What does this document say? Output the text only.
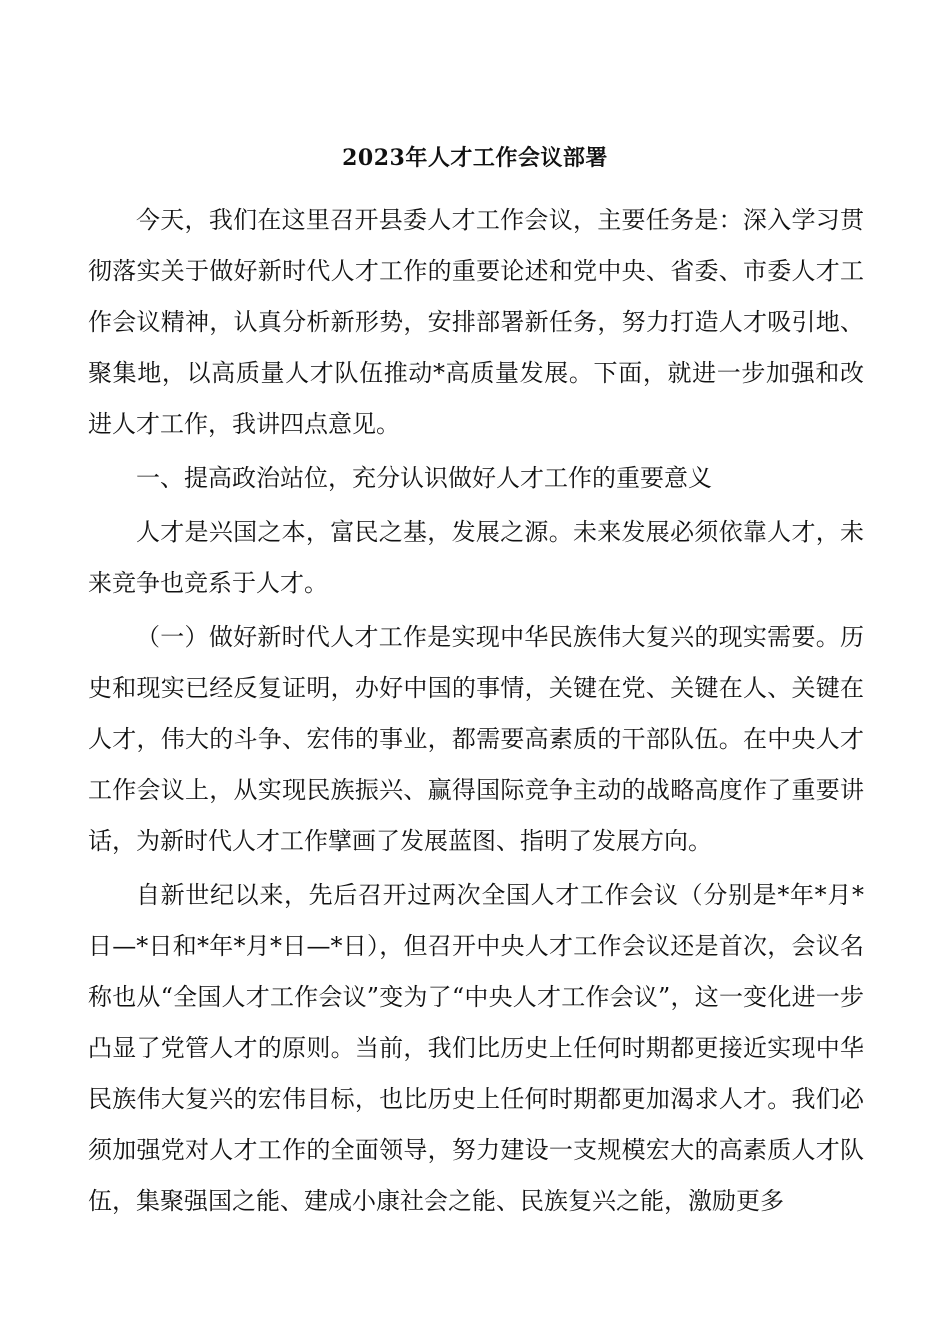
2023年人才工作会议部署

今天，我们在这里召开县委人才工作会议，主要任务是：深入学习贯彻落实关于做好新时代人才工作的重要论述和党中央、省委、市委人才工作会议精神，认真分析新形势，安排部署新任务，努力打造人才吸引地、聚集地，以高质量人才队伍推动*高质量发展。下面，就进一步加强和改进人才工作，我讲四点意见。

一、提高政治站位，充分认识做好人才工作的重要意义

人才是兴国之本，富民之基，发展之源。未来发展必须依靠人才，未来竞争也竞系于人才。

（一）做好新时代人才工作是实现中华民族伟大复兴的现实需要。历史和现实已经反复证明，办好中国的事情，关键在党、关键在人、关键在人才，伟大的斗争、宏伟的事业，都需要高素质的干部队伍。在中央人才工作会议上，从实现民族振兴、赢得国际竞争主动的战略高度作了重要讲话，为新时代人才工作擘画了发展蓝图、指明了发展方向。

自新世纪以来，先后召开过两次全国人才工作会议（分别是*年*月*日—*日和*年*月*日—*日），但召开中央人才工作会议还是首次，会议名称也从“全国人才工作会议”变为了“中央人才工作会议”，这一变化进一步凸显了党管人才的原则。当前，我们比历史上任何时期都更接近实现中华民族伟大复兴的宏伟目标，也比历史上任何时期都更加渴求人才。我们必须加强党对人才工作的全面领导，努力建设一支规模宏大的高素质人才队伍，集聚强国之能、建成小康社会之能、民族复兴之能，激励更多
